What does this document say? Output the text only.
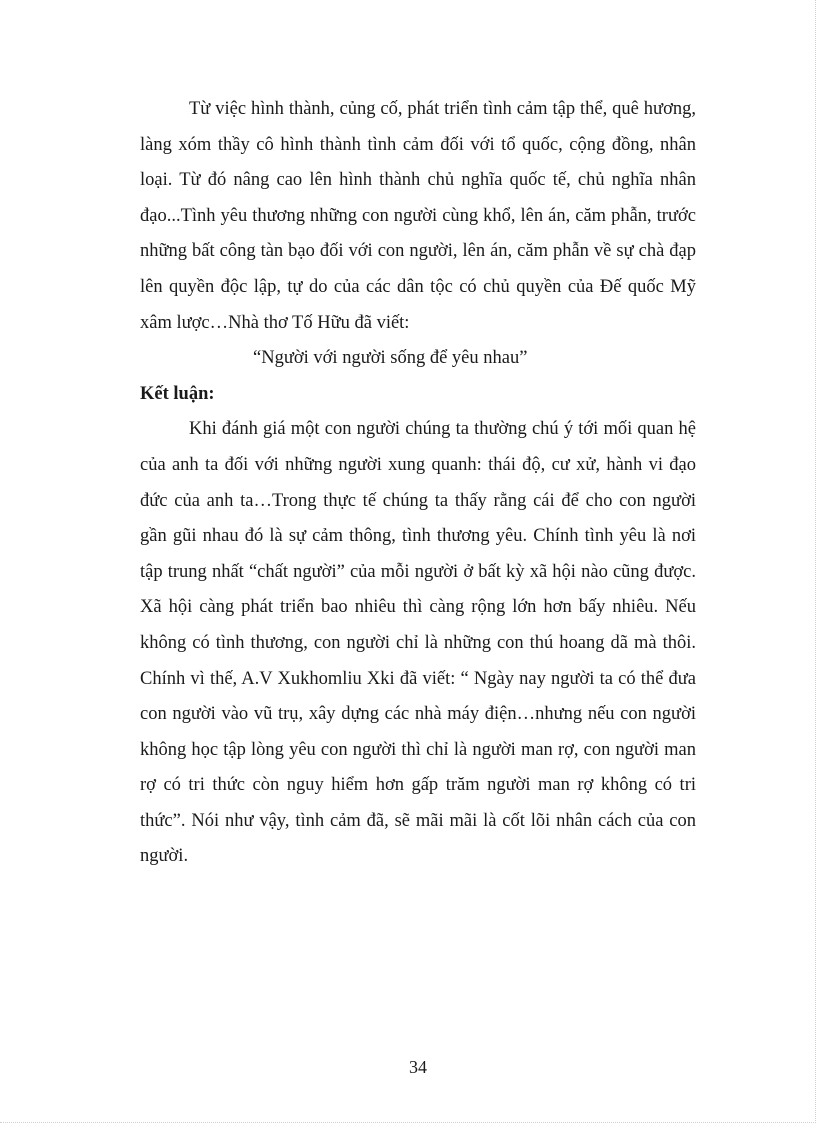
Từ việc hình thành, củng cố, phát triển tình cảm tập thể, quê hương, làng xóm thầy cô hình thành tình cảm đối với tổ quốc, cộng đồng, nhân loại. Từ đó nâng cao lên hình thành chủ nghĩa quốc tế, chủ nghĩa nhân đạo...Tình yêu thương những con người cùng khổ, lên án, căm phẫn, trước những bất công tàn bạo đối với con người, lên án, căm phẫn về sự chà đạp lên quyền độc lập, tự do của các dân tộc có chủ quyền của Đế quốc Mỹ xâm lược…Nhà thơ Tố Hữu đã viết:

“Người với người sống để yêu nhau”

Kết luận:

Khi đánh giá một con người chúng ta thường chú ý tới mối quan hệ của anh ta đối với những người xung quanh: thái độ, cư xử, hành vi đạo đức của anh ta…Trong thực tế chúng ta thấy rằng cái để cho con người gần gũi nhau đó là sự cảm thông, tình thương yêu. Chính tình yêu là nơi tập trung nhất “chất người” của mỗi người ở bất kỳ xã hội nào cũng được. Xã hội càng phát triển bao nhiêu thì càng rộng lớn hơn bấy nhiêu. Nếu không có tình thương, con người chỉ là những con thú hoang dã mà thôi. Chính vì thế, A.V Xukhomliu Xki đã viết: “ Ngày nay người ta có thể đưa con người vào vũ trụ, xây dựng các nhà máy điện…nhưng nếu con người không học tập lòng yêu con người thì chỉ là người man rợ, con người man rợ có tri thức còn nguy hiểm hơn gấp trăm người man rợ không có tri thức”. Nói như vậy, tình cảm đã, sẽ mãi mãi là cốt lõi nhân cách của con người.

34
